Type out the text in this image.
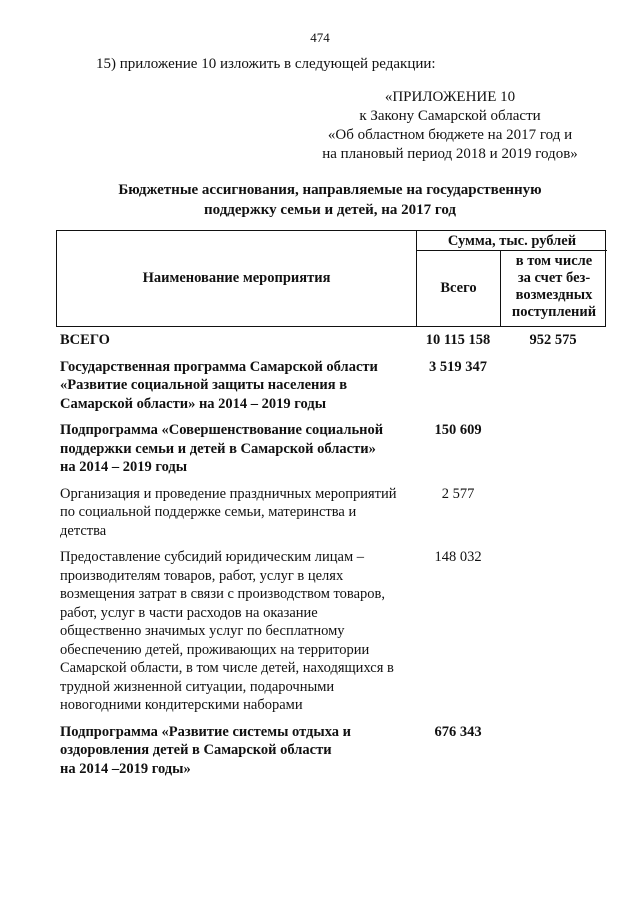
474
15) приложение 10 изложить в следующей редакции:
«ПРИЛОЖЕНИЕ 10
к Закону Самарской области
«Об областном бюджете на 2017 год и
на плановый период 2018 и 2019 годов»
Бюджетные ассигнования, направляемые на государственную
поддержку семьи и детей, на 2017 год
Наименование мероприятия
Сумма, тыс. рублей
Всего
в том числе
за счет без-
возмездных
поступлений
ВСЕГО	10 115 158	952 575
Государственная программа Самарской области
«Развитие социальной защиты населения в
Самарской области» на 2014 – 2019 годы
3 519 347
Подпрограмма «Совершенствование социальной
поддержки семьи и детей в Самарской области»
на 2014 – 2019 годы
150 609
Организация и проведение праздничных мероприятий
по социальной поддержке семьи, материнства и
детства
2 577
Предоставление субсидий юридическим лицам –
производителям товаров, работ, услуг в целях
возмещения затрат в связи с производством товаров,
работ, услуг в части расходов на оказание
общественно значимых услуг по бесплатному
обеспечению детей, проживающих на территории
Самарской области, в том числе детей, находящихся в
трудной жизненной ситуации, подарочными
новогодними кондитерскими наборами
148 032
Подпрограмма «Развитие системы отдыха и
оздоровления детей в Самарской области
на 2014 –2019 годы»
676 343
